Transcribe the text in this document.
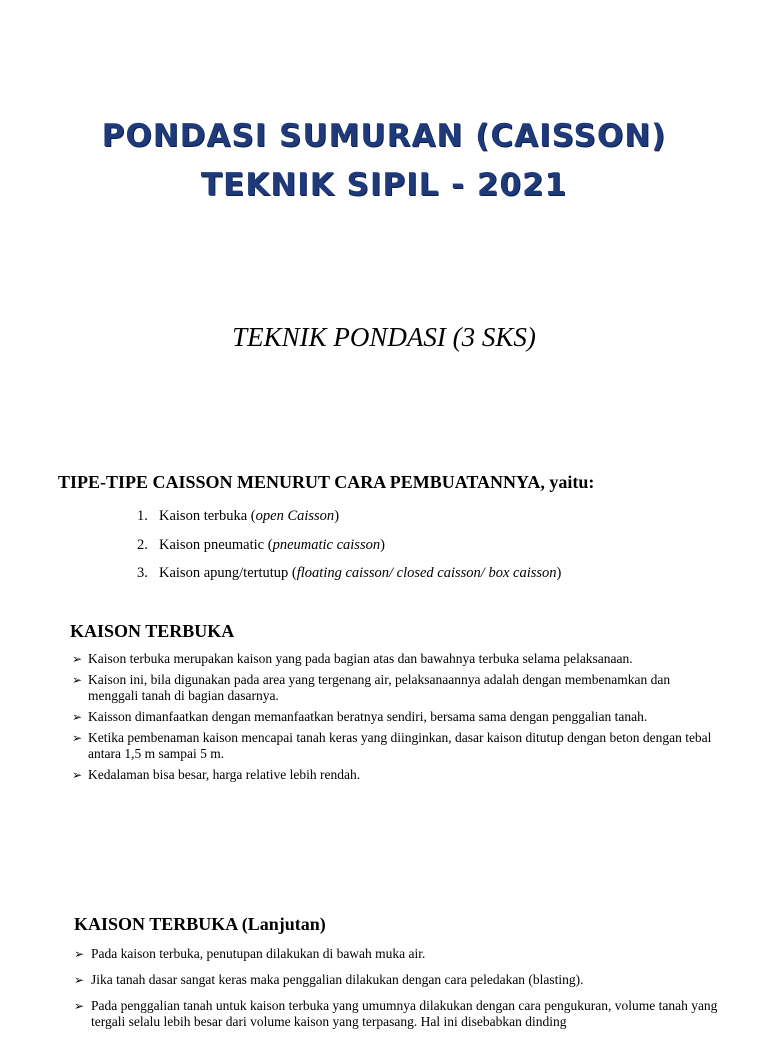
PONDASI SUMURAN (CAISSON)
TEKNIK SIPIL - 2021
TEKNIK PONDASI (3 SKS)
TIPE-TIPE CAISSON MENURUT CARA PEMBUATANNYA, yaitu:
1. Kaison terbuka (open Caisson)
2. Kaison pneumatic (pneumatic caisson)
3. Kaison apung/tertutup (floating caisson/ closed caisson/ box caisson)
KAISON TERBUKA
➢ Kaison terbuka merupakan kaison yang pada bagian atas dan bawahnya terbuka selama pelaksanaan.
➢ Kaison ini, bila digunakan pada area yang tergenang air, pelaksanaannya adalah dengan membenamkan dan menggali tanah di bagian dasarnya.
➢ Kaisson dimanfaatkan dengan memanfaatkan beratnya sendiri, bersama sama dengan penggalian tanah.
➢ Ketika pembenaman kaison mencapai tanah keras yang diinginkan, dasar kaison ditutup dengan beton dengan tebal antara 1,5 m sampai 5 m.
➢ Kedalaman bisa besar, harga relative lebih rendah.
KAISON TERBUKA (Lanjutan)
➢ Pada kaison terbuka, penutupan dilakukan di bawah muka air.
➢ Jika tanah dasar sangat keras maka penggalian dilakukan dengan cara peledakan (blasting).
➢ Pada penggalian tanah untuk kaison terbuka yang umumnya dilakukan dengan cara pengukuran, volume tanah yang tergali selalu lebih besar dari volume kaison yang terpasang. Hal ini disebabkan dinding
